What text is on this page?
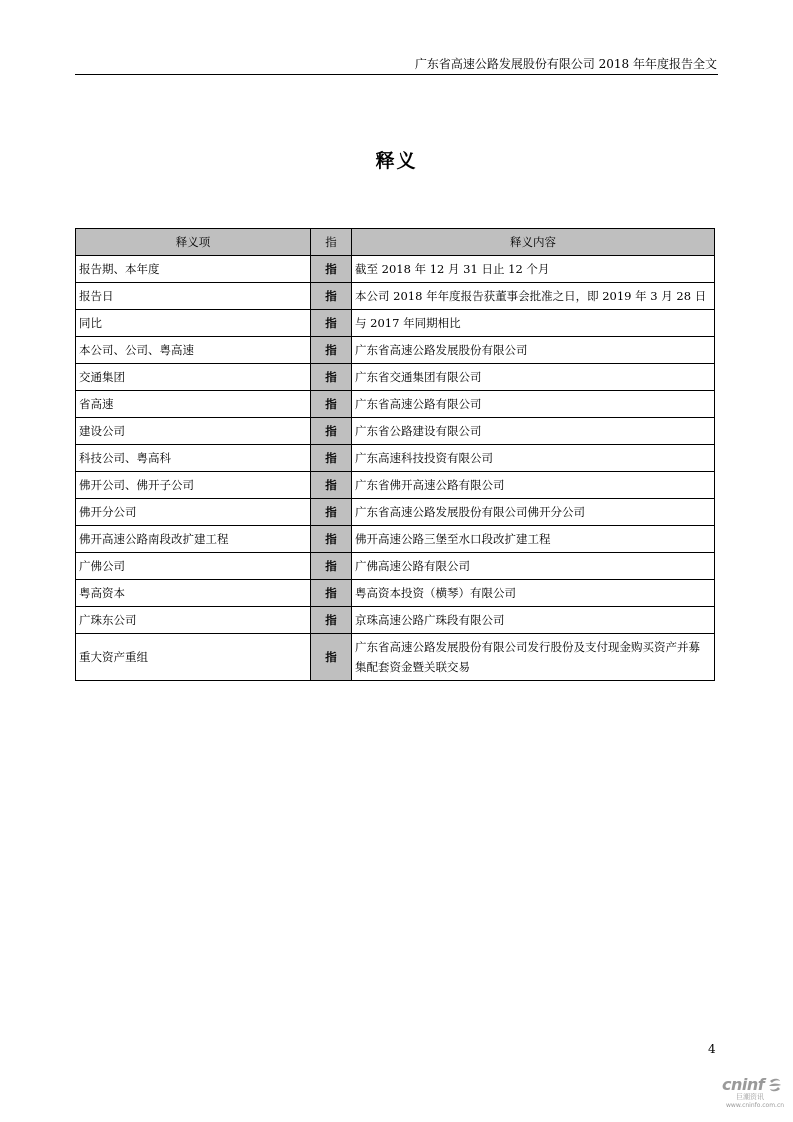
广东省高速公路发展股份有限公司 2018 年年度报告全文
释义
释义项	指	释义内容
报告期、本年度	指	截至 2018 年 12 月 31 日止 12 个月
报告日	指	本公司 2018 年年度报告获董事会批准之日，即 2019 年 3 月 28 日
同比	指	与 2017 年同期相比
本公司、公司、粤高速	指	广东省高速公路发展股份有限公司
交通集团	指	广东省交通集团有限公司
省高速	指	广东省高速公路有限公司
建设公司	指	广东省公路建设有限公司
科技公司、粤高科	指	广东高速科技投资有限公司
佛开公司、佛开子公司	指	广东省佛开高速公路有限公司
佛开分公司	指	广东省高速公路发展股份有限公司佛开分公司
佛开高速公路南段改扩建工程	指	佛开高速公路三堡至水口段改扩建工程
广佛公司	指	广佛高速公路有限公司
粤高资本	指	粤高资本投资（横琴）有限公司
广珠东公司	指	京珠高速公路广珠段有限公司
重大资产重组	指	广东省高速公路发展股份有限公司发行股份及支付现金购买资产并募集配套资金暨关联交易
4
cninf
巨潮资讯
www.cninfo.com.cn
